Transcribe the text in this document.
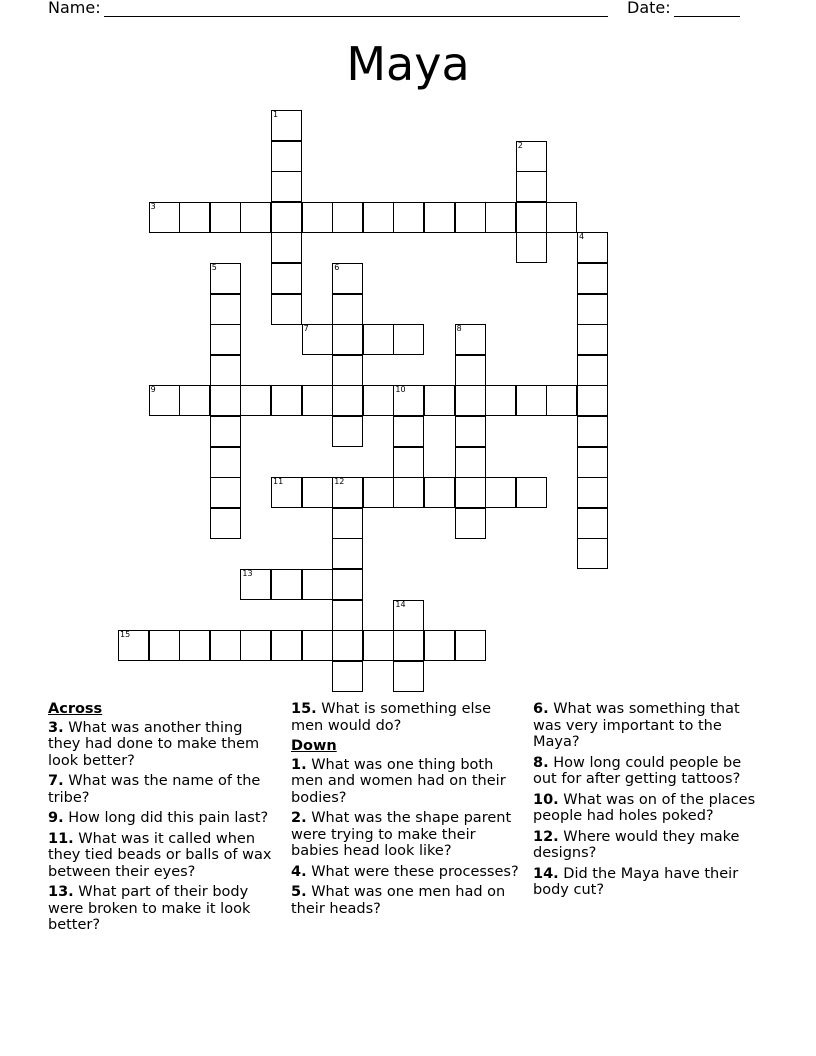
Name:	Date:
Maya
1
2
3
4
5	6
7	8
9	10
11	12
13
14
15
Across
3. What was another thing they had done to make them look better?
7. What was the name of the tribe?
9. How long did this pain last?
11. What was it called when they tied beads or balls of wax between their eyes?
13. What part of their body were broken to make it look better?
15. What is something else men would do?
Down
1. What was one thing both men and women had on their bodies?
2. What was the shape parent were trying to make their babies head look like?
4. What were these processes?
5. What was one men had on their heads?
6. What was something that was very important to the Maya?
8. How long could people be out for after getting tattoos?
10. What was on of the places people had holes poked?
12. Where would they make designs?
14. Did the Maya have their body cut?
